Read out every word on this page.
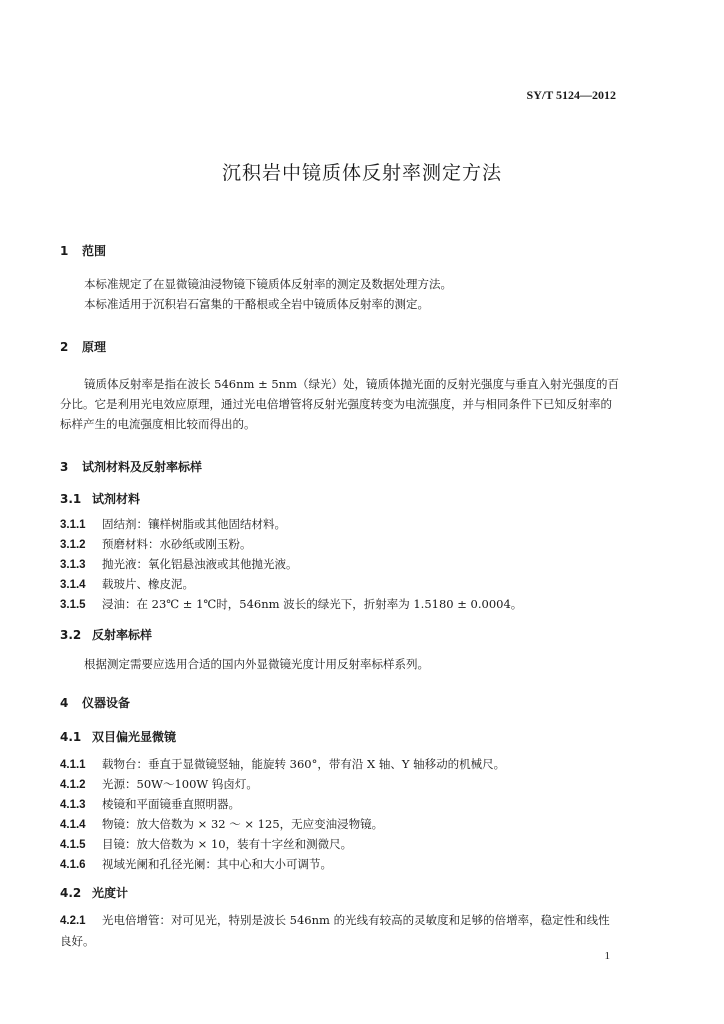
SY/T 5124—2012
沉积岩中镜质体反射率测定方法
1 范围
本标准规定了在显微镜油浸物镜下镜质体反射率的测定及数据处理方法。
本标准适用于沉积岩石富集的干酪根或全岩中镜质体反射率的测定。
2 原理
镜质体反射率是指在波长 546nm ± 5nm（绿光）处，镜质体抛光面的反射光强度与垂直入射光强度的百分比。它是利用光电效应原理，通过光电倍增管将反射光强度转变为电流强度，并与相同条件下已知反射率的标样产生的电流强度相比较而得出的。
3 试剂材料及反射率标样
3.1 试剂材料
3.1.1 固结剂：镶样树脂或其他固结材料。
3.1.2 预磨材料：水砂纸或刚玉粉。
3.1.3 抛光液：氧化铝悬浊液或其他抛光液。
3.1.4 载玻片、橡皮泥。
3.1.5 浸油：在 23℃ ± 1℃时，546nm 波长的绿光下，折射率为 1.5180 ± 0.0004。
3.2 反射率标样
根据测定需要应选用合适的国内外显微镜光度计用反射率标样系列。
4 仪器设备
4.1 双目偏光显微镜
4.1.1 载物台：垂直于显微镜竖轴，能旋转 360°，带有沿 X 轴、Y 轴移动的机械尺。
4.1.2 光源：50W～100W 钨卤灯。
4.1.3 棱镜和平面镜垂直照明器。
4.1.4 物镜：放大倍数为 × 32 ～ × 125，无应变油浸物镜。
4.1.5 目镜：放大倍数为 × 10，装有十字丝和测微尺。
4.1.6 视域光阑和孔径光阑：其中心和大小可调节。
4.2 光度计
4.2.1 光电倍增管：对可见光，特别是波长 546nm 的光线有较高的灵敏度和足够的倍增率，稳定性和线性良好。
1
